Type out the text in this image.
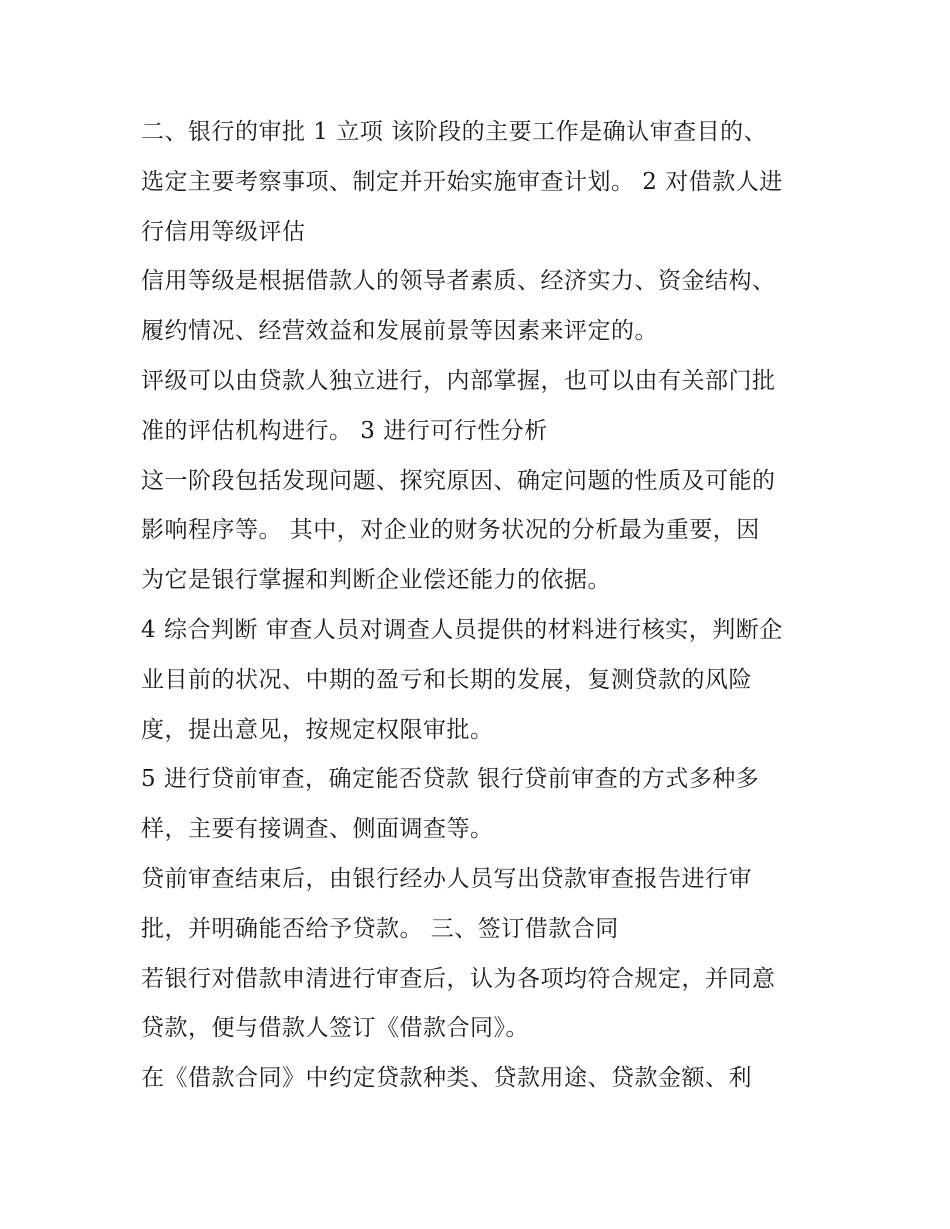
二、银行的审批 1 立项 该阶段的主要工作是确认审查目的、
选定主要考察事项、制定并开始实施审查计划。 2 对借款人进
行信用等级评估
信用等级是根据借款人的领导者素质、经济实力、资金结构、
履约情况、经营效益和发展前景等因素来评定的。
评级可以由贷款人独立进行，内部掌握，也可以由有关部门批
准的评估机构进行。 3 进行可行性分析
这一阶段包括发现问题、探究原因、确定问题的性质及可能的
影响程序等。 其中，对企业的财务状况的分析最为重要，因
为它是银行掌握和判断企业偿还能力的依据。
4 综合判断 审查人员对调查人员提供的材料进行核实，判断企
业目前的状况、中期的盈亏和长期的发展，复测贷款的风险
度，提出意见，按规定权限审批。
5 进行贷前审查，确定能否贷款 银行贷前审查的方式多种多
样，主要有接调查、侧面调查等。
贷前审查结束后，由银行经办人员写出贷款审查报告进行审
批，并明确能否给予贷款。 三、签订借款合同
若银行对借款申清进行审查后，认为各项均符合规定，并同意
贷款，便与借款人签订《借款合同》。
在《借款合同》中约定贷款种类、贷款用途、贷款金额、利
